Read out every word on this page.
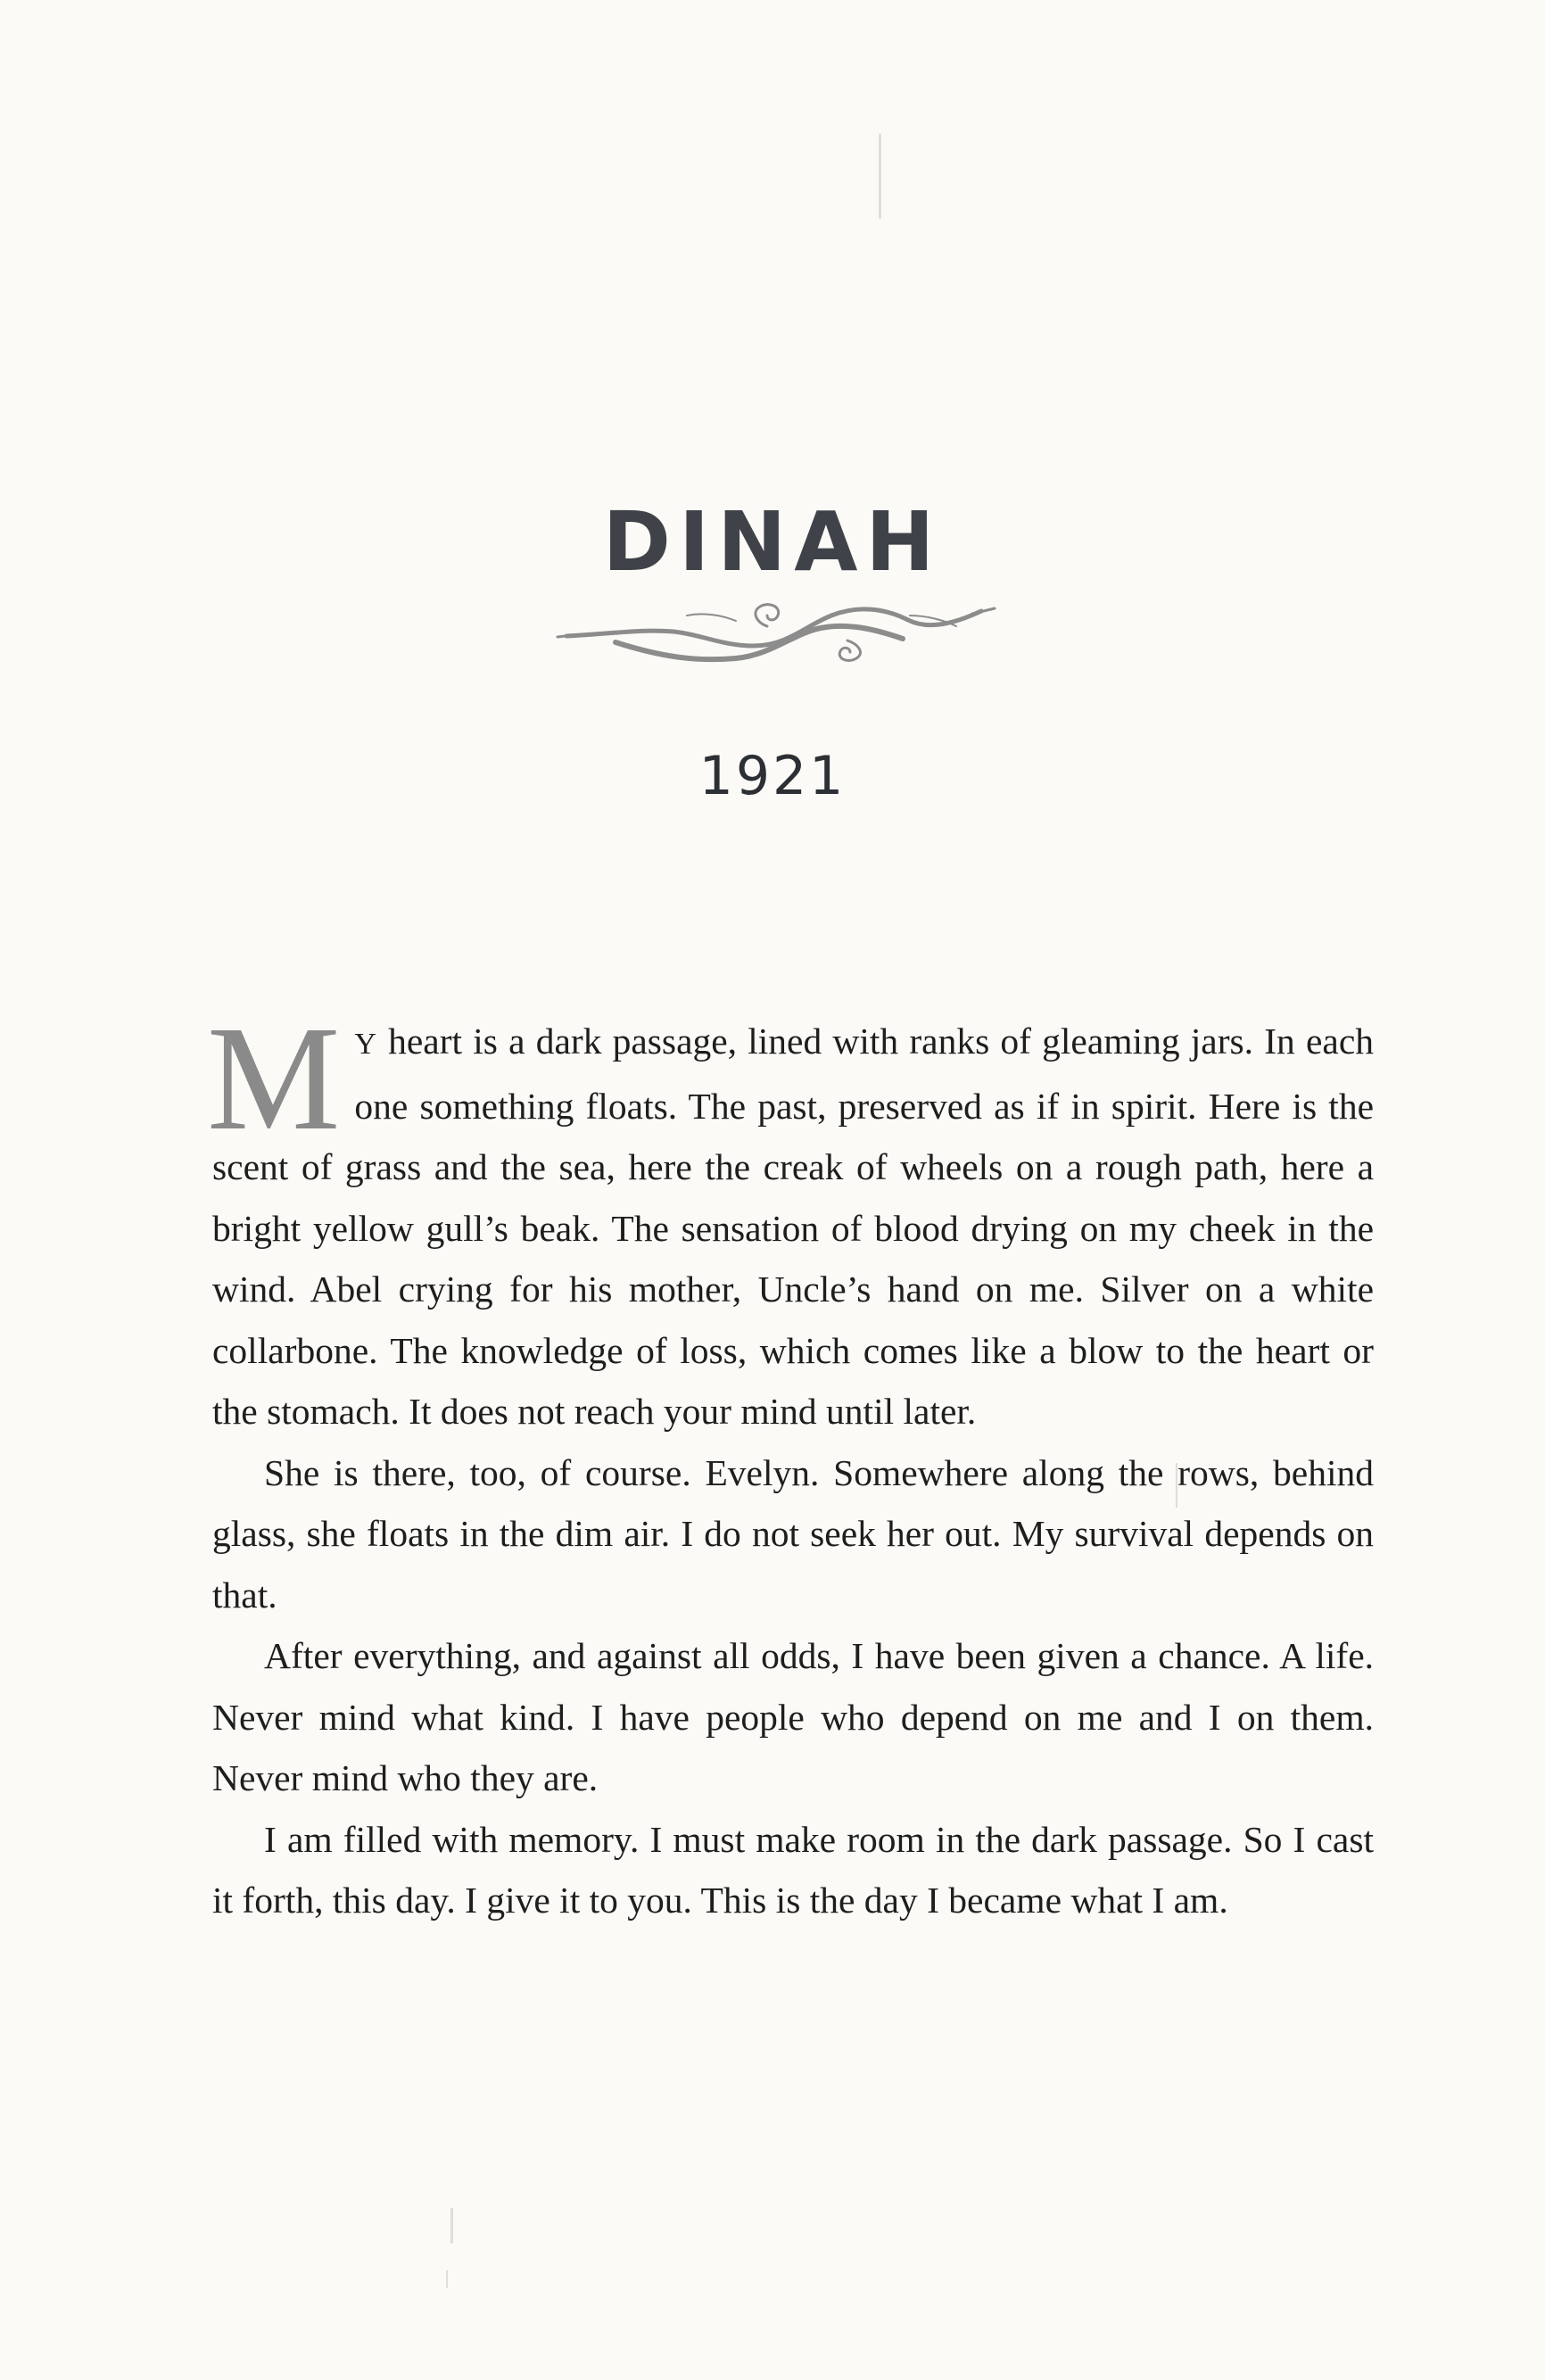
DINAH
1921

M Y heart is a dark passage, lined with ranks of gleaming jars. In each one something floats. The past, preserved as if in spirit. Here is the scent of grass and the sea, here the creak of wheels on a rough path, here a bright yellow gull’s beak. The sensation of blood drying on my cheek in the wind. Abel crying for his mother, Uncle’s hand on me. Silver on a white collarbone. The knowledge of loss, which comes like a blow to the heart or the stomach. It does not reach your mind until later.

She is there, too, of course. Evelyn. Somewhere along the rows, behind glass, she floats in the dim air. I do not seek her out. My survival depends on that.

After everything, and against all odds, I have been given a chance. A life. Never mind what kind. I have people who depend on me and I on them. Never mind who they are.

I am filled with memory. I must make room in the dark passage. So I cast it forth, this day. I give it to you. This is the day I became what I am.
